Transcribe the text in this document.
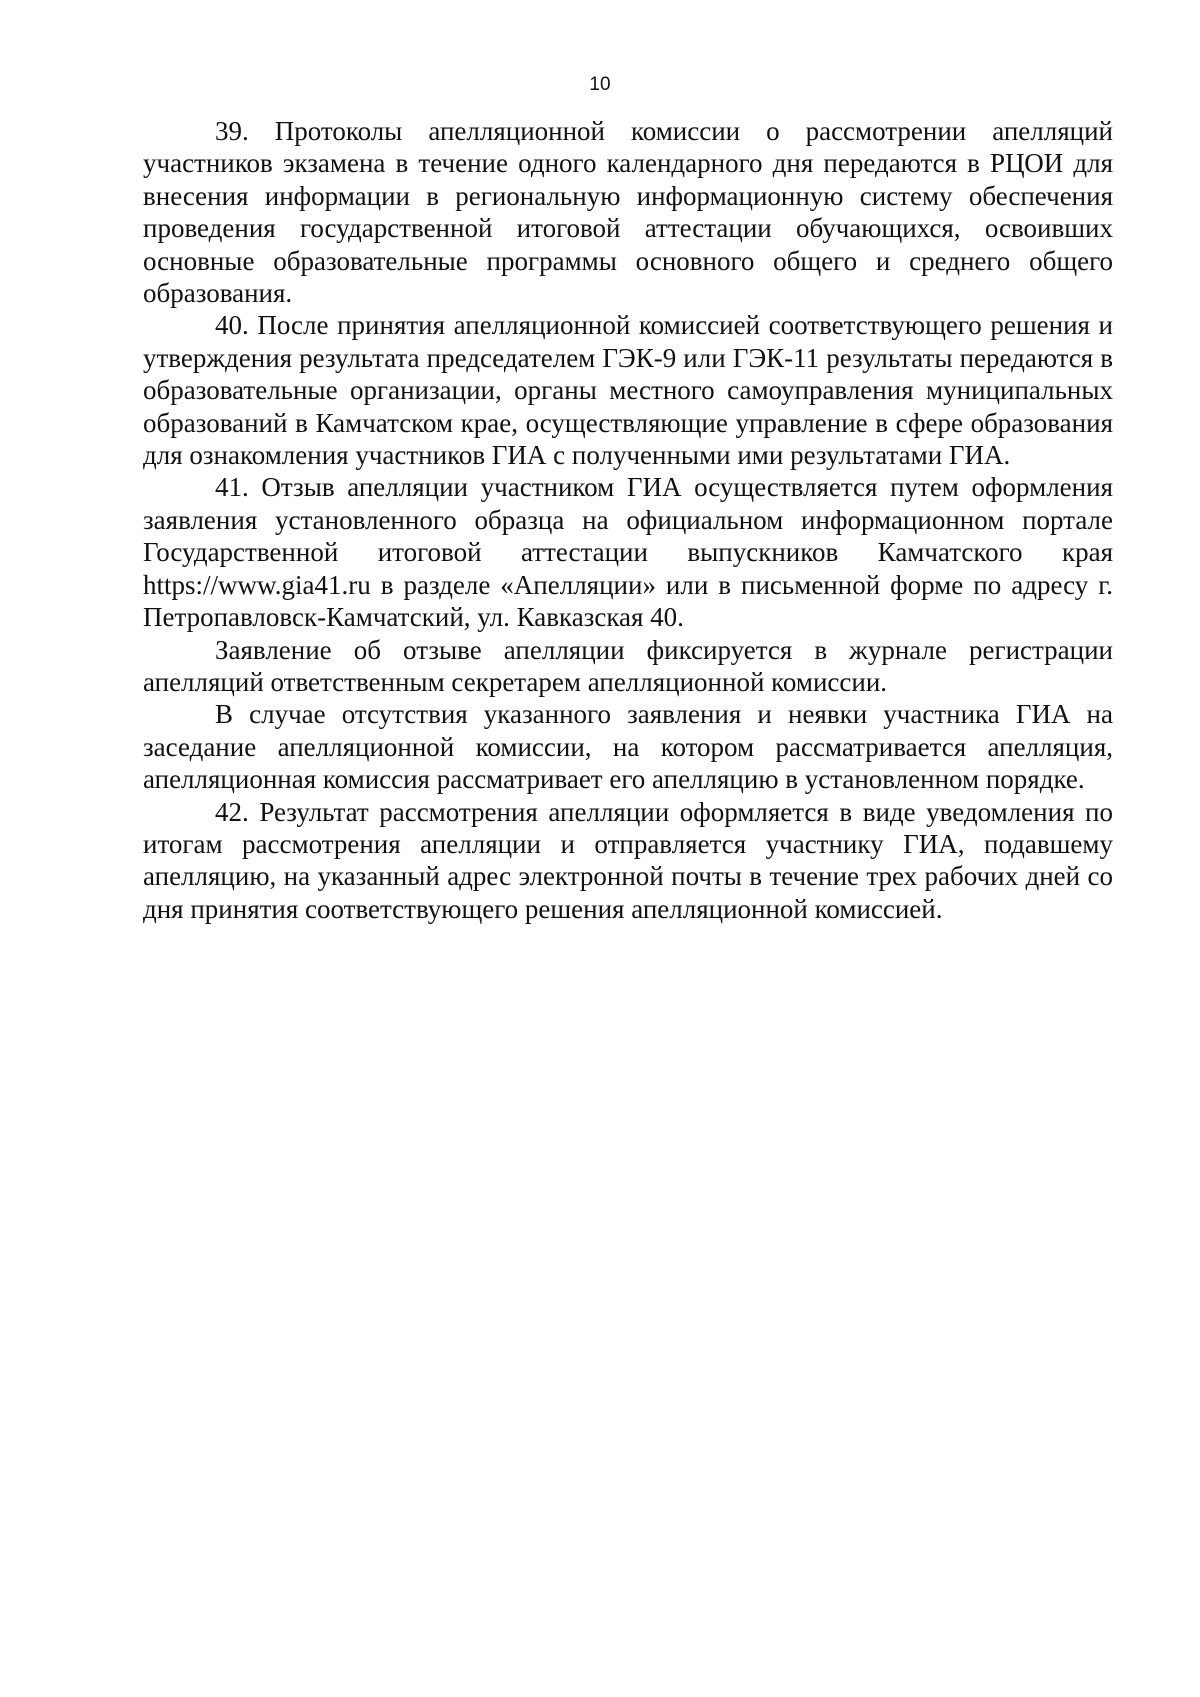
10

39. Протоколы апелляционной комиссии о рассмотрении апелляций участников экзамена в течение одного календарного дня передаются в РЦОИ для внесения информации в региональную информационную систему обеспечения проведения государственной итоговой аттестации обучающихся, освоивших основные образовательные программы основного общего и среднего общего образования.

40. После принятия апелляционной комиссией соответствующего решения и утверждения результата председателем ГЭК-9 или ГЭК-11 результаты передаются в образовательные организации, органы местного самоуправления муниципальных образований в Камчатском крае, осуществляющие управление в сфере образования для ознакомления участников ГИА с полученными ими результатами ГИА.

41. Отзыв апелляции участником ГИА осуществляется путем оформления заявления установленного образца на официальном информационном портале Государственной итоговой аттестации выпускников Камчатского края https://www.gia41.ru в разделе «Апелляции» или в письменной форме по адресу г. Петропавловск-Камчатский, ул. Кавказская 40.

Заявление об отзыве апелляции фиксируется в журнале регистрации апелляций ответственным секретарем апелляционной комиссии.

В случае отсутствия указанного заявления и неявки участника ГИА на заседание апелляционной комиссии, на котором рассматривается апелляция, апелляционная комиссия рассматривает его апелляцию в установленном порядке.

42. Результат рассмотрения апелляции оформляется в виде уведомления по итогам рассмотрения апелляции и отправляется участнику ГИА, подавшему апелляцию, на указанный адрес электронной почты в течение трех рабочих дней со дня принятия соответствующего решения апелляционной комиссией.
